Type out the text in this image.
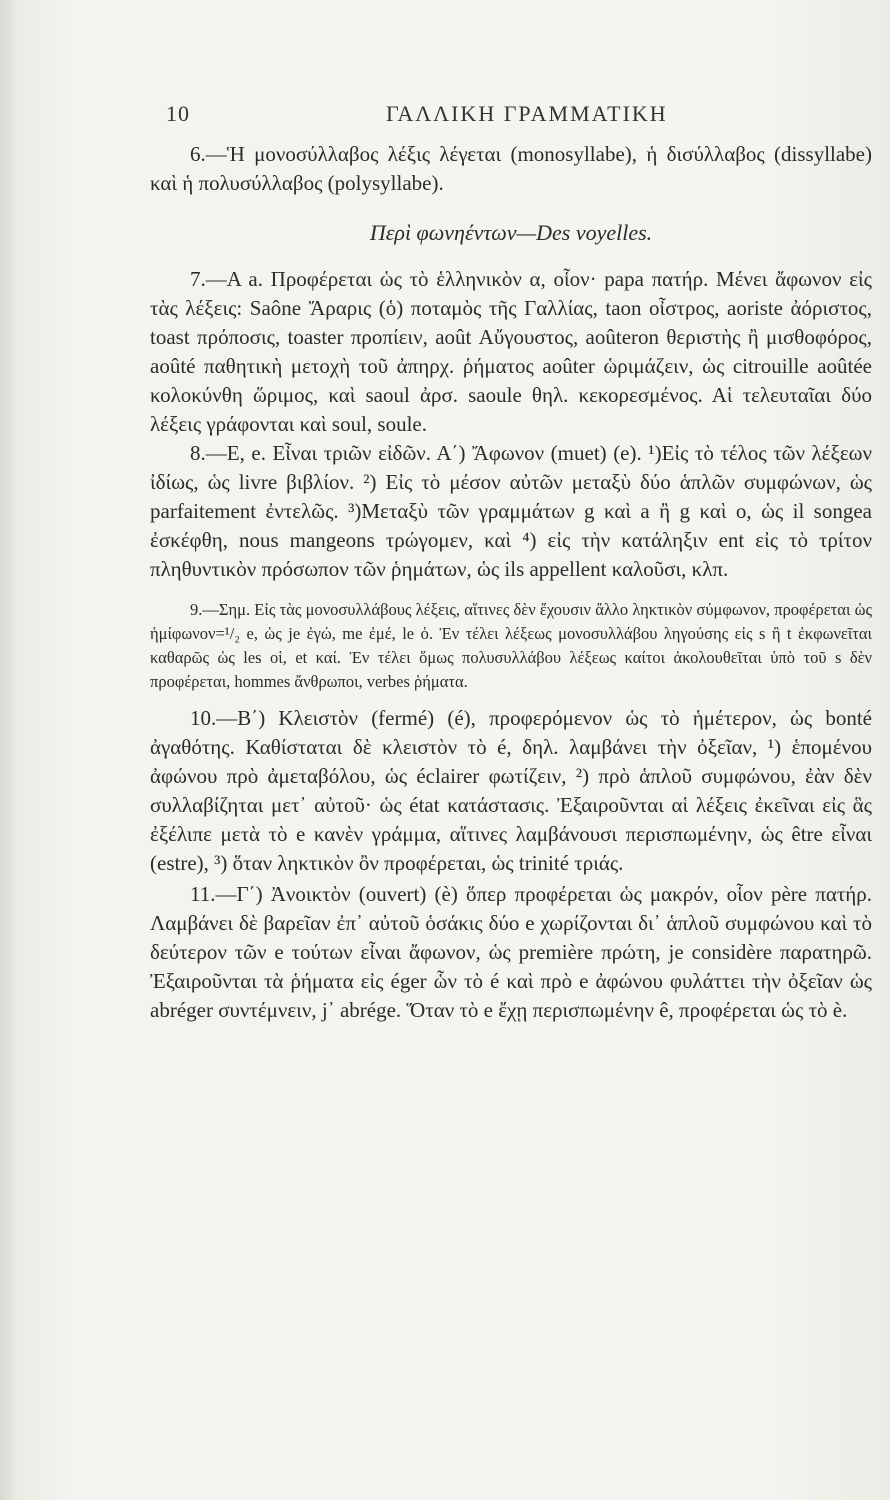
10	ΓΑΛΛΙΚΗ ΓΡΑΜΜΑΤΙΚΗ

6.—Ἡ μονοσύλλαβος λέξις λέγεται (monosyllabe), ἡ δισύλλαβος (dissyllabe) καὶ ἡ πολυσύλλαβος (polysyllabe).

Περὶ φωνηέντων—Des voyelles.

7.—A a. Προφέρεται ὡς τὸ ἑλληνικὸν α, οἷον· papa πατήρ. Μένει ἄφωνον εἰς τὰς λέξεις: Saône Ἄραρις (ὁ) ποταμὸς τῆς Γαλλίας, taon οἶστρος, aoriste ἀόριστος, toast πρόποσις, toaster προπίειν, août Αὔγουστος, aoûteron θεριστὴς ἢ μισθοφόρος, aoûté παθητικὴ μετοχὴ τοῦ ἀπηρχ. ῥήματος aoûter ὡριμάζειν, ὡς citrouille aoûtée κολοκύνθη ὥριμος, καὶ saoul ἀρσ. saoule θηλ. κεκορεσμένος. Αἱ τελευταῖαι δύο λέξεις γράφονται καὶ soul, soule.

8.—E, e. Εἶναι τριῶν εἰδῶν. Α΄) Ἄφωνον (muet) (e). ¹)Εἰς τὸ τέλος τῶν λέξεων ἰδίως, ὡς livre βιβλίον. ²) Εἰς τὸ μέσον αὐτῶν μεταξὺ δύο ἁπλῶν συμφώνων, ὡς parfaitement ἐντελῶς. ³)Μεταξὺ τῶν γραμμάτων g καὶ a ἢ g καὶ o, ὡς il songea ἐσκέφθη, nous mangeons τρώγομεν, καὶ ⁴) εἰς τὴν κατάληξιν ent εἰς τὸ τρίτον πληθυντικὸν πρόσωπον τῶν ῥημάτων, ὡς ils appellent καλοῦσι, κλπ.

9.—Σημ. Εἰς τὰς μονοσυλλάβους λέξεις, αἵτινες δὲν ἔχουσιν ἄλλο ληκτικὸν σύμφωνον, προφέρεται ὡς ἡμίφωνον=¹/₂ e, ὡς je ἐγώ, me ἐμέ, le ὁ. Ἐν τέλει λέξεως μονοσυλλάβου ληγούσης εἰς s ἢ t ἐκφωνεῖται καθαρῶς ὡς les οἱ, et καί. Ἐν τέλει ὅμως πολυσυλλάβου λέξεως καίτοι ἀκολουθεῖται ὑπὸ τοῦ s δὲν προφέρεται, hommes ἄνθρωποι, verbes ῥήματα.

10.—B΄) Κλειστὸν (fermé) (é), προφερόμενον ὡς τὸ ἡμέτερον, ὡς bonté ἀγαθότης. Καθίσταται δὲ κλειστὸν τὸ é, δηλ. λαμβάνει τὴν ὀξεῖαν, ¹) ἑπομένου ἀφώνου πρὸ ἀμεταβόλου, ὡς éclairer φωτίζειν, ²) πρὸ ἁπλοῦ συμφώνου, ἐὰν δὲν συλλαβίζηται μετ᾽ αὐτοῦ· ὡς état κατάστασις. Ἐξαιροῦνται αἱ λέξεις ἐκεῖναι εἰς ἃς ἐξέλιπε μετὰ τὸ e κανὲν γράμμα, αἵτινες λαμβάνουσι περισπωμένην, ὡς être εἶναι (estre), ³) ὅταν ληκτικὸν ὂν προφέρεται, ὡς trinité τριάς.

11.—Γ΄) Ἀνοικτὸν (ouvert) (è) ὅπερ προφέρεται ὡς μακρόν, οἷον père πατήρ. Λαμβάνει δὲ βαρεῖαν ἐπ᾽ αὐτοῦ ὁσάκις δύο e χωρίζονται δι᾽ ἁπλοῦ συμφώνου καὶ τὸ δεύτερον τῶν e τούτων εἶναι ἄφωνον, ὡς première πρώτη, je considère παρατηρῶ. Ἐξαιροῦνται τὰ ῥήματα εἰς éger ὧν τὸ é καὶ πρὸ e ἀφώνου φυλάττει τὴν ὀξεῖαν ὡς abréger συντέμνειν, j᾽ abrége. Ὅταν τὸ e ἔχῃ περισπωμένην ê, προφέρεται ὡς τὸ è.
